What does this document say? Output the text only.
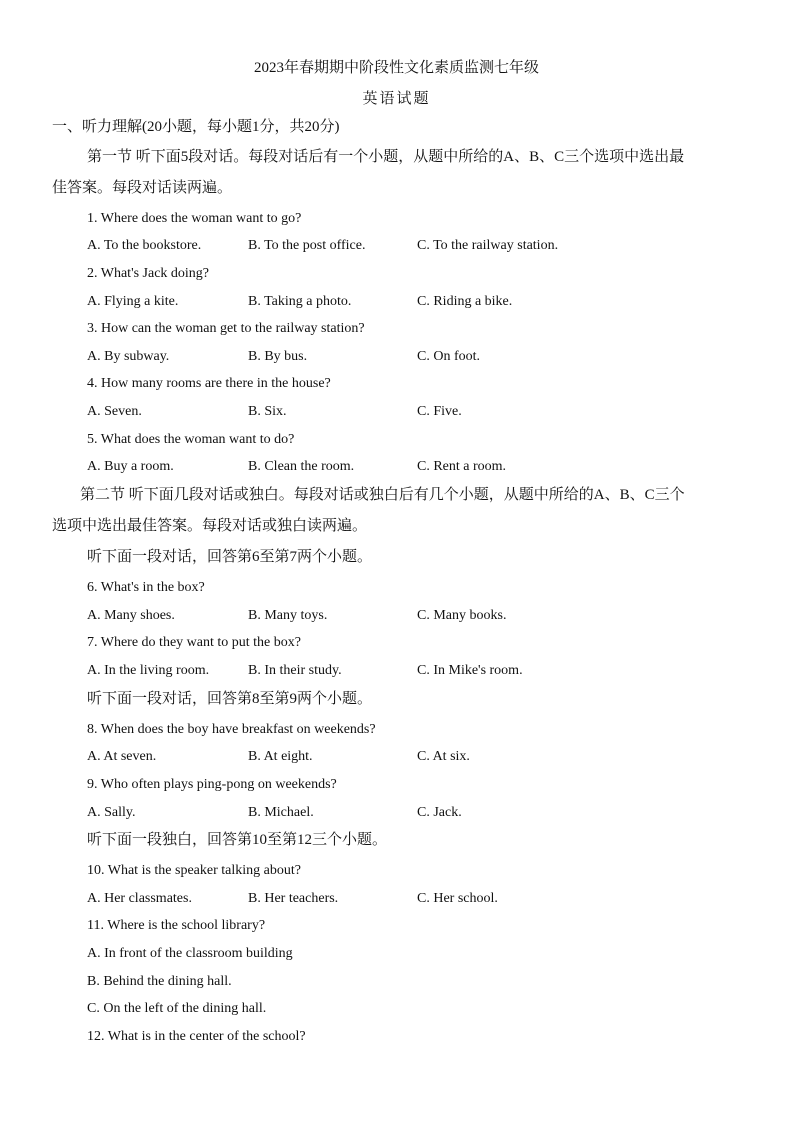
2023年春期期中阶段性文化素质监测七年级
英语试题
一、听力理解(20小题，每小题1分，共20分)
第一节 听下面5段对话。每段对话后有一个小题，从题中所给的A、B、C三个选项中选出最
佳答案。每段对话读两遍。
1. Where does the woman want to go?
A. To the bookstore.	B. To the post office.	C. To the railway station.
2. What's Jack doing?
A. Flying a kite.	B. Taking a photo.	C. Riding a bike.
3. How can the woman get to the railway station?
A. By subway.	B. By bus.	C. On foot.
4. How many rooms are there in the house?
A. Seven.	B. Six.	C. Five.
5. What does the woman want to do?
A. Buy a room.	B. Clean the room.	C. Rent a room.
第二节 听下面几段对话或独白。每段对话或独白后有几个小题，从题中所给的A、B、C三个
选项中选出最佳答案。每段对话或独白读两遍。
听下面一段对话，回答第6至第7两个小题。
6. What's in the box?
A. Many shoes.	B. Many toys.	C. Many books.
7. Where do they want to put the box?
A. In the living room.	B. In their study.	C. In Mike's room.
听下面一段对话，回答第8至第9两个小题。
8. When does the boy have breakfast on weekends?
A. At seven.	B. At eight.	C. At six.
9. Who often plays ping-pong on weekends?
A. Sally.	B. Michael.	C. Jack.
听下面一段独白，回答第10至第12三个小题。
10. What is the speaker talking about?
A. Her classmates.	B. Her teachers.	C. Her school.
11. Where is the school library?
A. In front of the classroom building
B. Behind the dining hall.
C. On the left of the dining hall.
12. What is in the center of the school?
